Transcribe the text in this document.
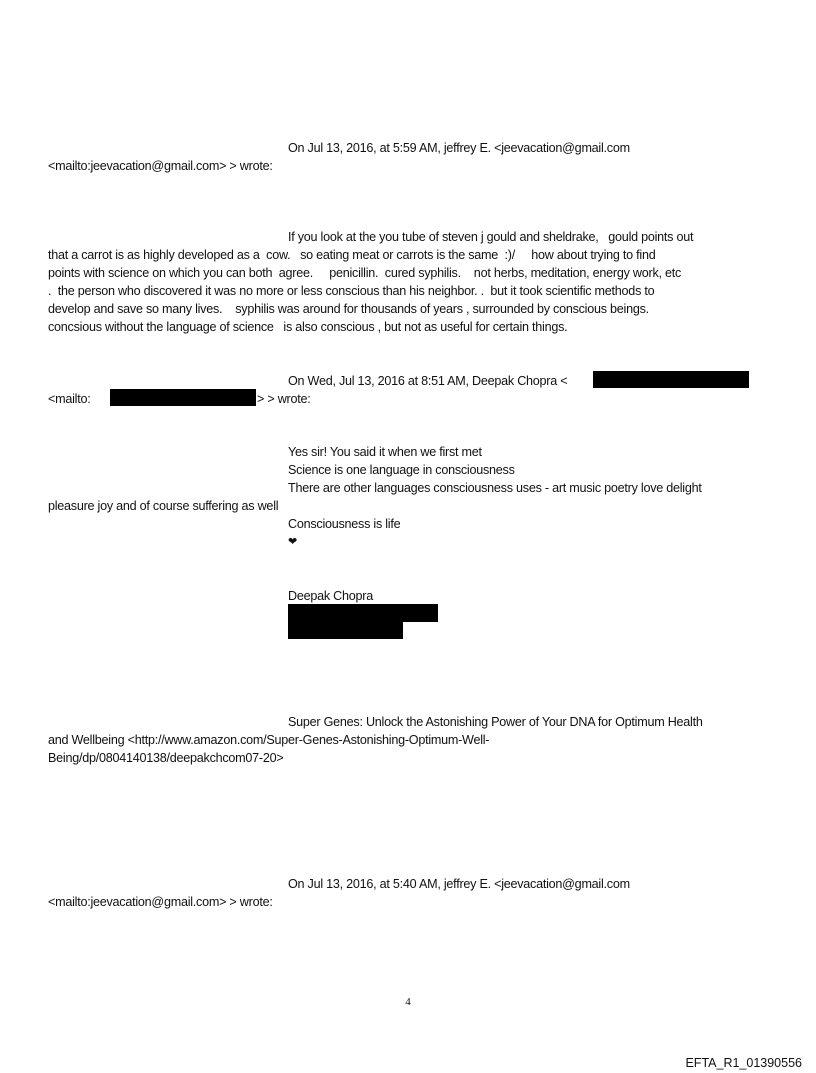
On Jul 13, 2016, at 5:59 AM, jeffrey E. <jeevacation@gmail.com
<mailto:jeevacation@gmail.com> > wrote:
If you look at the you tube of steven j gould and sheldrake,   gould points out
that a carrot is as highly developed as a  cow.   so eating meat or carrots is the same  :)/     how about trying to find
points with science on which you can both  agree.     penicillin.  cured syphilis.    not herbs, meditation, energy work, etc
.  the person who discovered it was no more or less conscious than his neighbor. .  but it took scientific methods to
develop and save so many lives.    syphilis was around for thousands of years , surrounded by conscious beings.
concsious without the language of science   is also conscious , but not as useful for certain things.
On Wed, Jul 13, 2016 at 8:51 AM, Deepak Chopra <
<mailto:	> > wrote:
Yes sir! You said it when we first met
Science is one language in consciousness
There are other languages consciousness uses - art music poetry love delight
pleasure joy and of course suffering as well
Consciousness is life
❤
Deepak Chopra
Super Genes: Unlock the Astonishing Power of Your DNA for Optimum Health
and Wellbeing <http://www.amazon.com/Super-Genes-Astonishing-Optimum-Well-
Being/dp/0804140138/deepakchcom07-20>
On Jul 13, 2016, at 5:40 AM, jeffrey E. <jeevacation@gmail.com
<mailto:jeevacation@gmail.com> > wrote:
4
EFTA_R1_01390556
